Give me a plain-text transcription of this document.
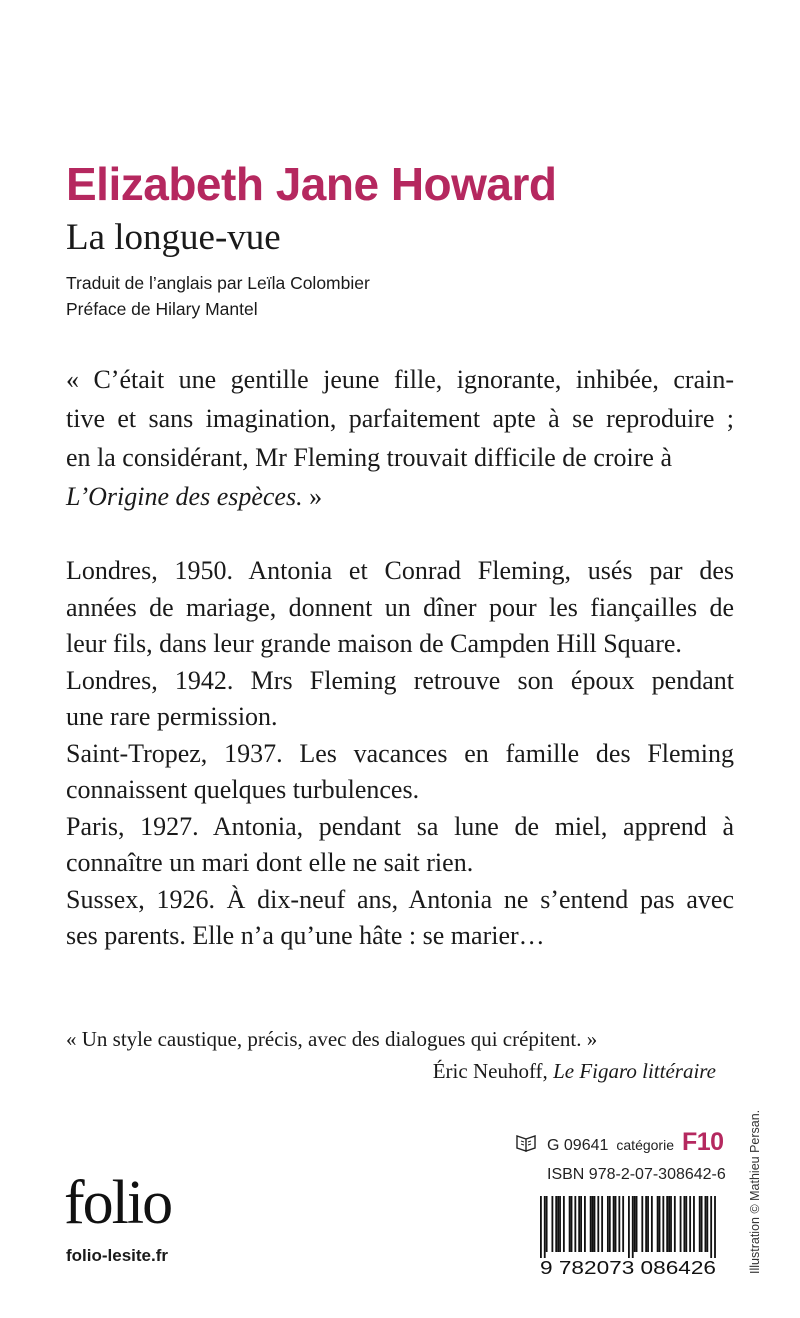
Elizabeth Jane Howard
La longue-vue
Traduit de l’anglais par Leïla Colombier
Préface de Hilary Mantel
« C’était une gentille jeune fille, ignorante, inhibée, crain-
tive et sans imagination, parfaitement apte à se reproduire ;
en la considérant, Mr Fleming trouvait difficile de croire à
L’Origine des espèces. »
Londres, 1950. Antonia et Conrad Fleming, usés par des
années de mariage, donnent un dîner pour les fiançailles de
leur fils, dans leur grande maison de Campden Hill Square.
Londres, 1942. Mrs Fleming retrouve son époux pendant
une rare permission.
Saint-Tropez, 1937. Les vacances en famille des Fleming
connaissent quelques turbulences.
Paris, 1927. Antonia, pendant sa lune de miel, apprend à
connaître un mari dont elle ne sait rien.
Sussex, 1926. À dix-neuf ans, Antonia ne s’entend pas avec
ses parents. Elle n’a qu’une hâte : se marier…
« Un style caustique, précis, avec des dialogues qui crépitent. »
Éric Neuhoff, Le Figaro littéraire
folio
folio-lesite.fr
G 09641 catégorie F10
ISBN 978-2-07-308642-6
9 782073 086426	Illustration © Mathieu Persan.
